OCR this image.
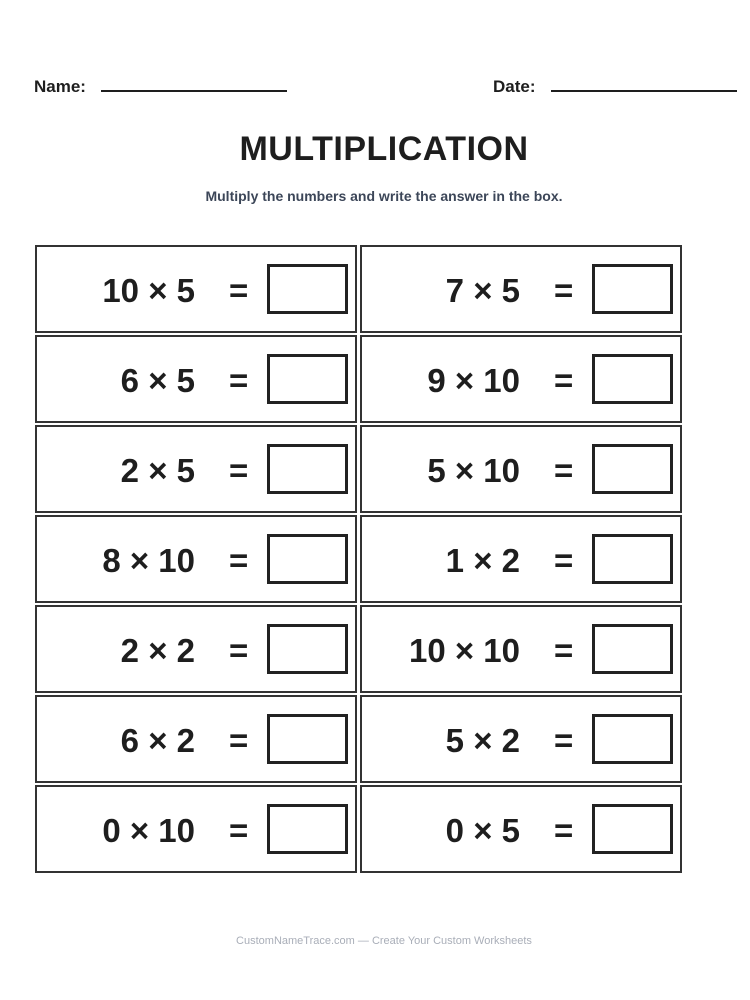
Name:	Date:
MULTIPLICATION
Multiply the numbers and write the answer in the box.
10 × 5 =	7 × 5 =
6 × 5 =	9 × 10 =
2 × 5 =	5 × 10 =
8 × 10 =	1 × 2 =
2 × 2 =	10 × 10 =
6 × 2 =	5 × 2 =
0 × 10 =	0 × 5 =
CustomNameTrace.com — Create Your Custom Worksheets
